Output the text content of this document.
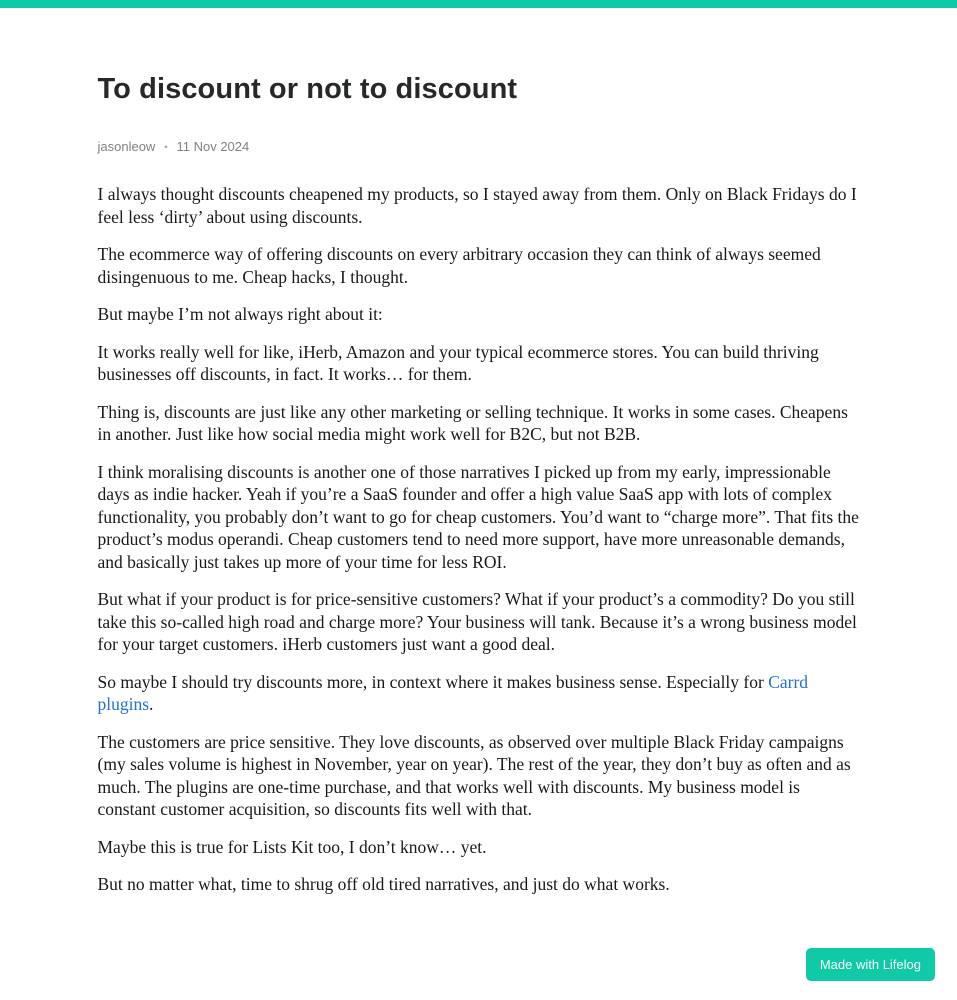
To discount or not to discount
jasonleow • 11 Nov 2024

I always thought discounts cheapened my products, so I stayed away from them. Only on Black Fridays do I feel less ‘dirty’ about using discounts.

The ecommerce way of offering discounts on every arbitrary occasion they can think of always seemed disingenuous to me. Cheap hacks, I thought.

But maybe I’m not always right about it:

It works really well for like, iHerb, Amazon and your typical ecommerce stores. You can build thriving businesses off discounts, in fact. It works… for them.

Thing is, discounts are just like any other marketing or selling technique. It works in some cases. Cheapens in another. Just like how social media might work well for B2C, but not B2B.

I think moralising discounts is another one of those narratives I picked up from my early, impressionable days as indie hacker. Yeah if you’re a SaaS founder and offer a high value SaaS app with lots of complex functionality, you probably don’t want to go for cheap customers. You’d want to “charge more”. That fits the product’s modus operandi. Cheap customers tend to need more support, have more unreasonable demands, and basically just takes up more of your time for less ROI.

But what if your product is for price-sensitive customers? What if your product’s a commodity? Do you still take this so-called high road and charge more? Your business will tank. Because it’s a wrong business model for your target customers. iHerb customers just want a good deal.

So maybe I should try discounts more, in context where it makes business sense. Especially for Carrd plugins.

The customers are price sensitive. They love discounts, as observed over multiple Black Friday campaigns (my sales volume is highest in November, year on year). The rest of the year, they don’t buy as often and as much. The plugins are one-time purchase, and that works well with discounts. My business model is constant customer acquisition, so discounts fits well with that.

Maybe this is true for Lists Kit too, I don’t know… yet.

But no matter what, time to shrug off old tired narratives, and just do what works.

Made with Lifelog
